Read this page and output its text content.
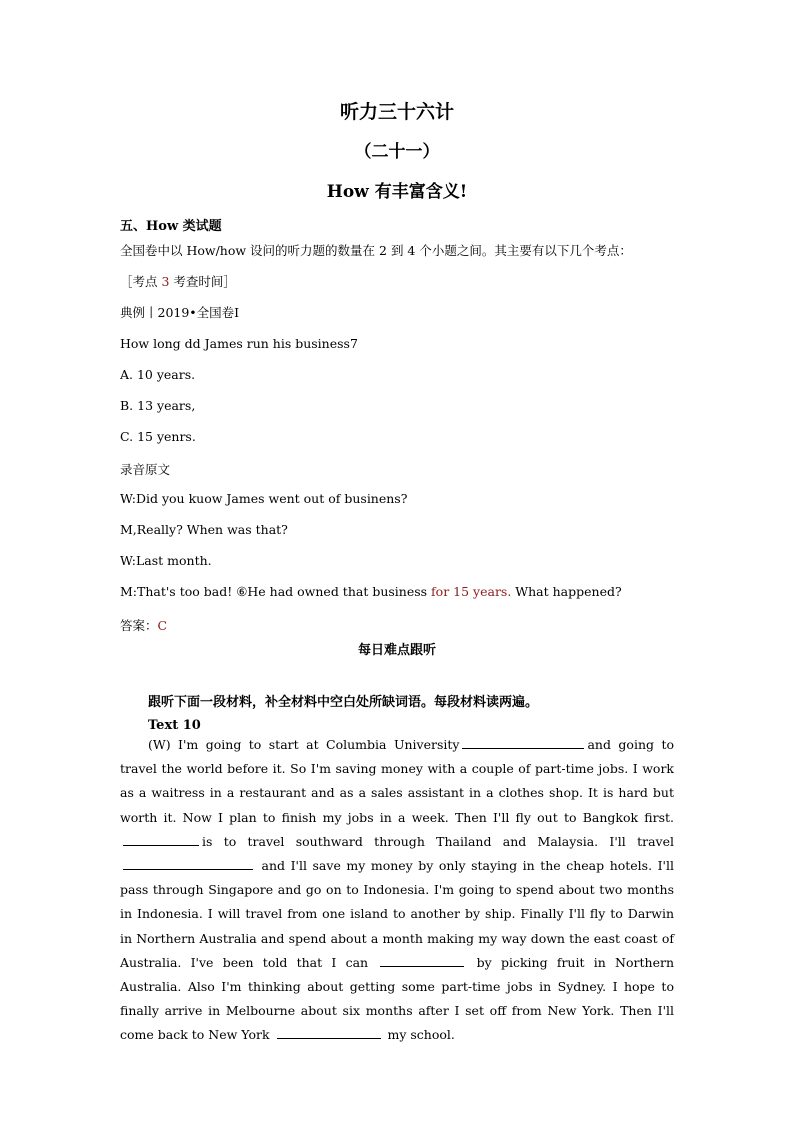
听力三十六计
（二十一）
How 有丰富含义!
五、How 类试题
全国卷中以 How/how 设问的听力题的数量在 2 到 4 个小题之间。其主要有以下几个考点：
［考点 3 考查时间］
典例丨2019•全国卷Ⅰ
How long dd James run his business7
A. 10 years.
B. 13 years,
C. 15 yenrs.
录音原文
W:Did you kuow James went out of businens?
M,Really? When was that?
W:Last month.
M:That's too bad! ⑥He had owned that business for 15 years. What happened?
答案：C
每日难点跟听
跟听下面一段材料，补全材料中空白处所缺词语。每段材料读两遍。
Text 10

(W) I'm going to start at Columbia University	and going to travel the world before it. So I'm saving money with a couple of part-time jobs. I work as a waitress in a restaurant and as a sales assistant in a clothes shop. It is hard but worth it. Now I plan to finish my jobs in a week. Then I'll fly out to Bangkok first. is to travel southward through Thailand and Malaysia. I'll travel  and I'll save my money by only staying in the cheap hotels. I'll pass through Singapore and go on to Indonesia. I'm going to spend about two months in Indonesia. I will travel from one island to another by ship. Finally I'll fly to Darwin in Northern Australia and spend about a month making my way down the east coast of Australia. I've been told that I can	by picking fruit in Northern Australia. Also I'm thinking about getting some part-time jobs in Sydney. I hope to finally arrive in Melbourne about six months after I set off from New York. Then I'll come back to New York	my school.
